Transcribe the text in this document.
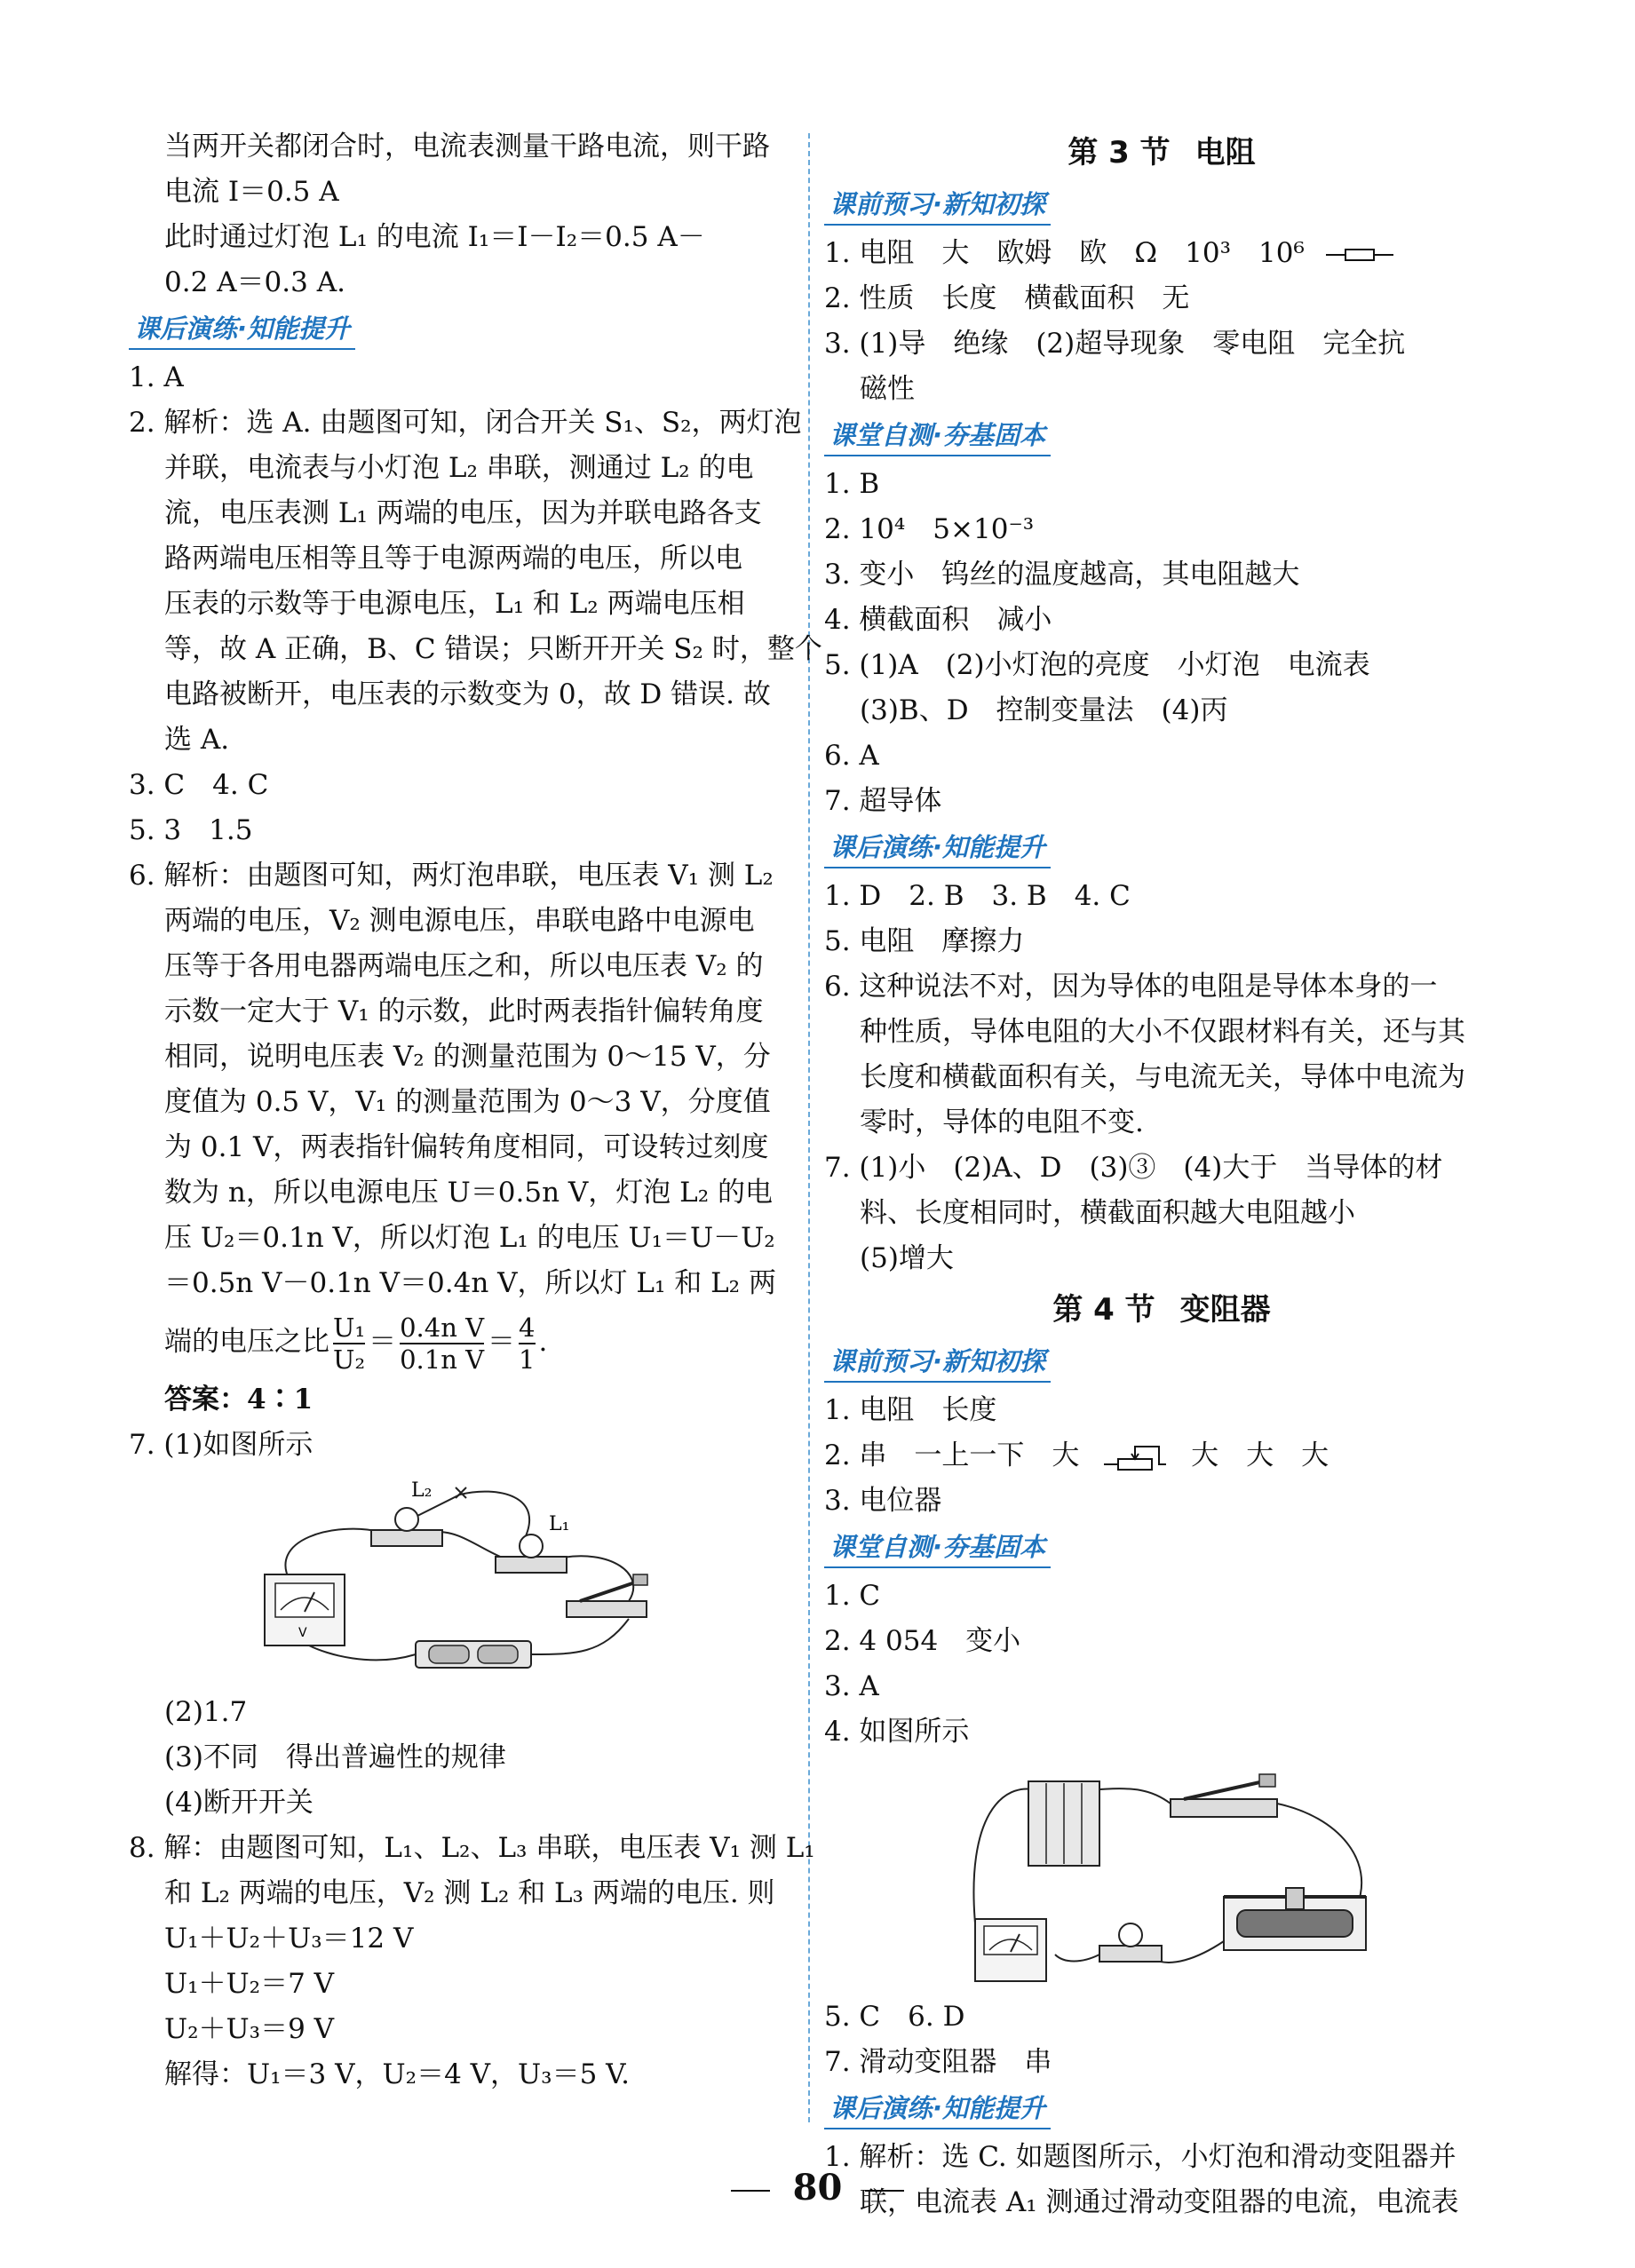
当两开关都闭合时，电流表测量干路电流，则干路
电流 I＝0.5 A
此时通过灯泡 L₁ 的电流 I₁＝I－I₂＝0.5 A－
0.2 A＝0.3 A.
课后演练·知能提升
1. A
2. 解析：选 A. 由题图可知，闭合开关 S₁、S₂，两灯泡
并联，电流表与小灯泡 L₂ 串联，测通过 L₂ 的电
流，电压表测 L₁ 两端的电压，因为并联电路各支
路两端电压相等且等于电源两端的电压，所以电
压表的示数等于电源电压，L₁ 和 L₂ 两端电压相
等，故 A 正确，B、C 错误；只断开开关 S₂ 时，整个
电路被断开，电压表的示数变为 0，故 D 错误. 故
选 A.
3. C　4. C
5. 3　1.5
6. 解析：由题图可知，两灯泡串联，电压表 V₁ 测 L₂
两端的电压，V₂ 测电源电压，串联电路中电源电
压等于各用电器两端电压之和，所以电压表 V₂ 的
示数一定大于 V₁ 的示数，此时两表指针偏转角度
相同，说明电压表 V₂ 的测量范围为 0～15 V，分
度值为 0.5 V，V₁ 的测量范围为 0～3 V，分度值
为 0.1 V，两表指针偏转角度相同，可设转过刻度
数为 n，所以电源电压 U＝0.5n V，灯泡 L₂ 的电
压 U₂＝0.1n V，所以灯泡 L₁ 的电压 U₁＝U－U₂
＝0.5n V－0.1n V＝0.4n V，所以灯 L₁ 和 L₂ 两
端的电压之比 $\frac{\text{U₁}}{\text{U₂}} = \frac{\text{0.4n V}}{\text{0.1n V}} = \frac{4}{1}$ .
答案：4∶1
7. (1)如图所示
L₂
L₁
V
(2)1.7
(3)不同　得出普遍性的规律
(4)断开开关
8. 解：由题图可知，L₁、L₂、L₃ 串联，电压表 V₁ 测 L₁
和 L₂ 两端的电压，V₂ 测 L₂ 和 L₃ 两端的电压. 则
U₁＋U₂＋U₃＝12 V
U₁＋U₂＝7 V
U₂＋U₃＝9 V
解得：U₁＝3 V，U₂＝4 V，U₃＝5 V.
第 3 节 电阻
课前预习·新知初探
1. 电阻　大　欧姆　欧　Ω　10³　10⁶
2. 性质　长度　横截面积　无
3. (1)导　绝缘　(2)超导现象　零电阻　完全抗
磁性
课堂自测·夯基固本
1. B
2. 10⁴　5×10⁻³
3. 变小　钨丝的温度越高，其电阻越大
4. 横截面积　减小
5. (1)A　(2)小灯泡的亮度　小灯泡　电流表
(3)B、D　控制变量法　(4)丙
6. A
7. 超导体
课后演练·知能提升
1. D　2. B　3. B　4. C
5. 电阻　摩擦力
6. 这种说法不对，因为导体的电阻是导体本身的一
种性质，导体电阻的大小不仅跟材料有关，还与其
长度和横截面积有关，与电流无关，导体中电流为
零时，导体的电阻不变.
7. (1)小　(2)A、D　(3)③　(4)大于　当导体的材
料、长度相同时，横截面积越大电阻越小
(5)增大
第 4 节 变阻器
课前预习·新知初探
1. 电阻　长度
2. 串　一上一下　大	大　大　大
3. 电位器
课堂自测·夯基固本
1. C
2. 4 054　变小
3. A
4. 如图所示
5. C　6. D
7. 滑动变阻器　串
课后演练·知能提升
1. 解析：选 C. 如题图所示，小灯泡和滑动变阻器并
联，电流表 A₁ 测通过滑动变阻器的电流，电流表
80
